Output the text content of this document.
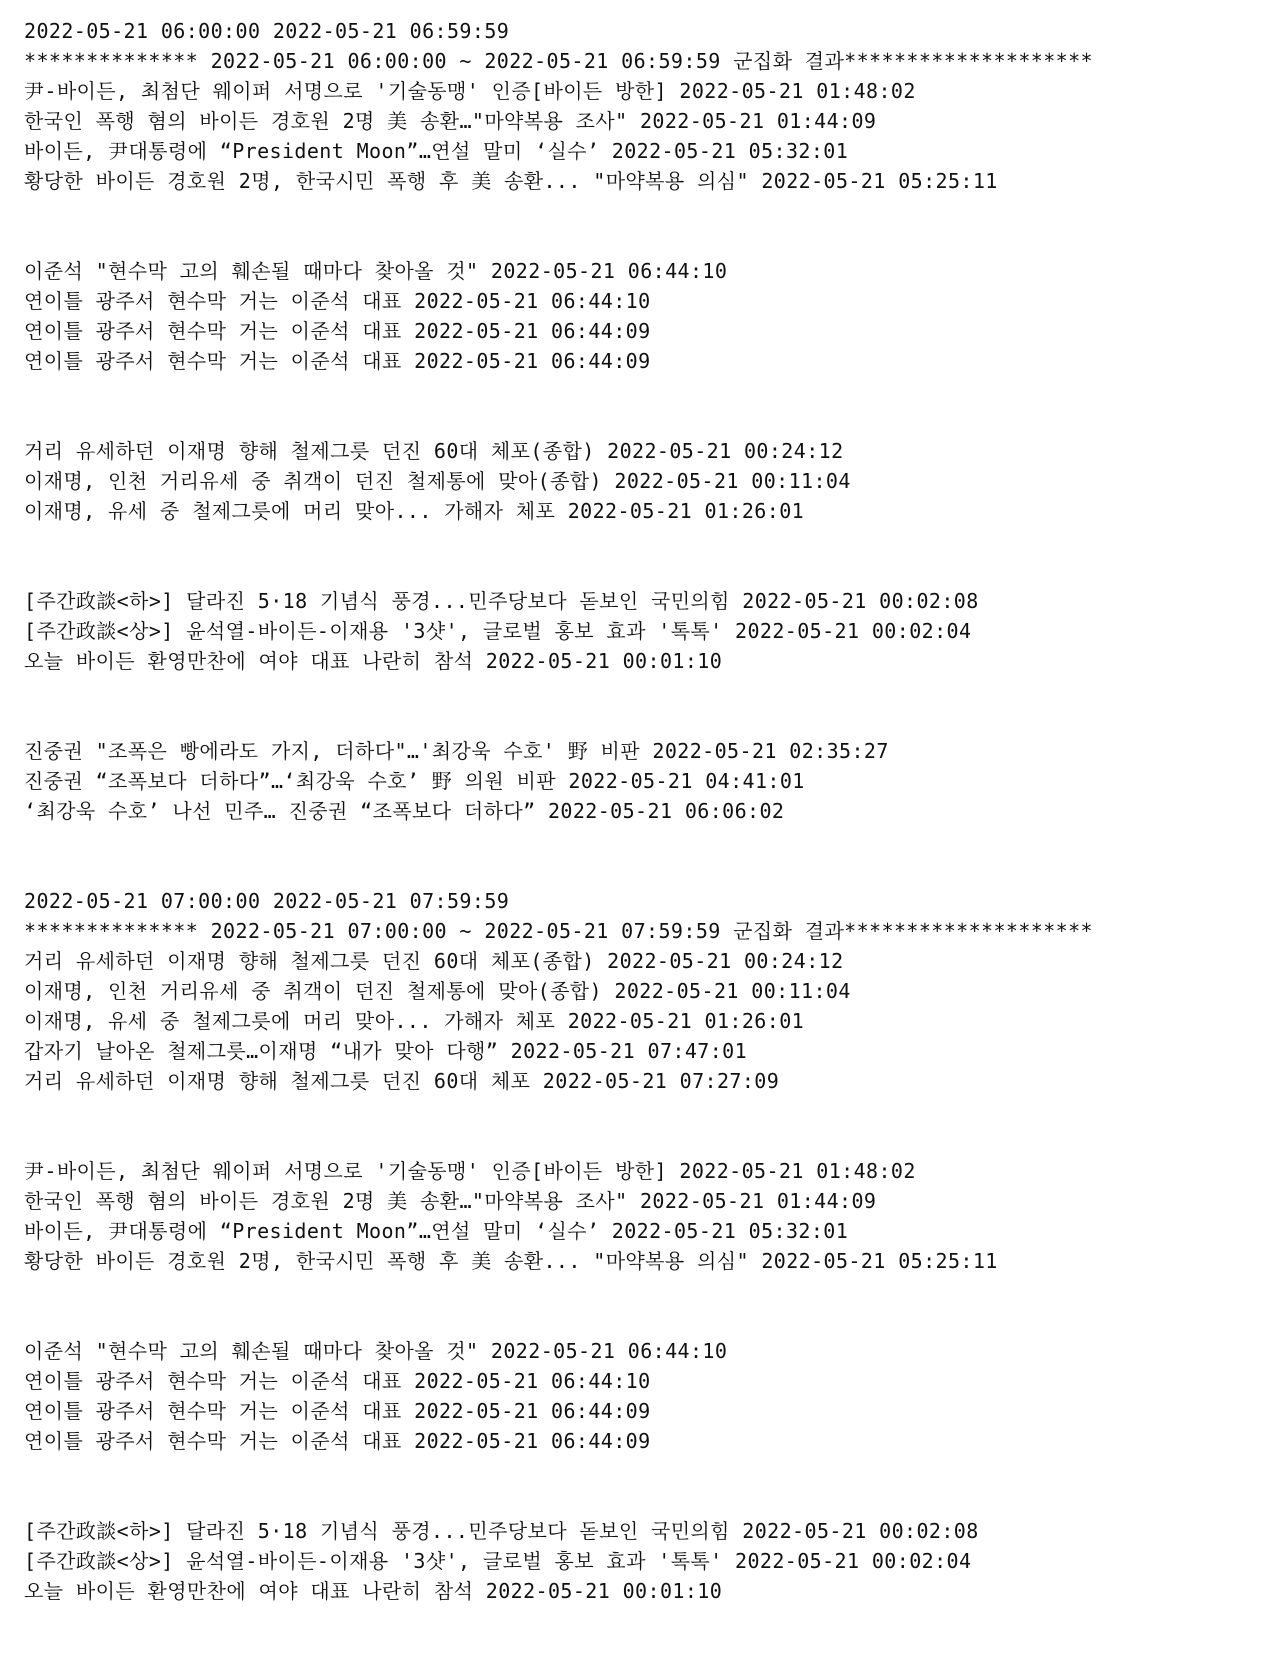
2022-05-21 06:00:00 2022-05-21 06:59:59
************** 2022-05-21 06:00:00 ~ 2022-05-21 06:59:59 군집화 결과********************
尹-바이든, 최첨단 웨이퍼 서명으로 '기술동맹' 인증[바이든 방한] 2022-05-21 01:48:02
한국인 폭행 혐의 바이든 경호원 2명 美 송환…"마약복용 조사" 2022-05-21 01:44:09
바이든, 尹대통령에 “President Moon”…연설 말미 ‘실수’ 2022-05-21 05:32:01
황당한 바이든 경호원 2명, 한국시민 폭행 후 美 송환... "마약복용 의심" 2022-05-21 05:25:11
이준석 "현수막 고의 훼손될 때마다 찾아올 것" 2022-05-21 06:44:10
연이틀 광주서 현수막 거는 이준석 대표 2022-05-21 06:44:10
연이틀 광주서 현수막 거는 이준석 대표 2022-05-21 06:44:09
연이틀 광주서 현수막 거는 이준석 대표 2022-05-21 06:44:09
거리 유세하던 이재명 향해 철제그릇 던진 60대 체포(종합) 2022-05-21 00:24:12
이재명, 인천 거리유세 중 취객이 던진 철제통에 맞아(종합) 2022-05-21 00:11:04
이재명, 유세 중 철제그릇에 머리 맞아... 가해자 체포 2022-05-21 01:26:01
[주간政談<하>] 달라진 5·18 기념식 풍경...민주당보다 돋보인 국민의힘 2022-05-21 00:02:08
[주간政談<상>] 윤석열-바이든-이재용 '3샷', 글로벌 홍보 효과 '톡톡' 2022-05-21 00:02:04
오늘 바이든 환영만찬에 여야 대표 나란히 참석 2022-05-21 00:01:10
진중권 "조폭은 빵에라도 가지, 더하다"…'최강욱 수호' 野 비판 2022-05-21 02:35:27
진중권 “조폭보다 더하다”…‘최강욱 수호’ 野 의원 비판 2022-05-21 04:41:01
‘최강욱 수호’ 나선 민주… 진중권 “조폭보다 더하다” 2022-05-21 06:06:02
2022-05-21 07:00:00 2022-05-21 07:59:59
************** 2022-05-21 07:00:00 ~ 2022-05-21 07:59:59 군집화 결과********************
거리 유세하던 이재명 향해 철제그릇 던진 60대 체포(종합) 2022-05-21 00:24:12
이재명, 인천 거리유세 중 취객이 던진 철제통에 맞아(종합) 2022-05-21 00:11:04
이재명, 유세 중 철제그릇에 머리 맞아... 가해자 체포 2022-05-21 01:26:01
갑자기 날아온 철제그릇…이재명 “내가 맞아 다행” 2022-05-21 07:47:01
거리 유세하던 이재명 향해 철제그릇 던진 60대 체포 2022-05-21 07:27:09
尹-바이든, 최첨단 웨이퍼 서명으로 '기술동맹' 인증[바이든 방한] 2022-05-21 01:48:02
한국인 폭행 혐의 바이든 경호원 2명 美 송환…"마약복용 조사" 2022-05-21 01:44:09
바이든, 尹대통령에 “President Moon”…연설 말미 ‘실수’ 2022-05-21 05:32:01
황당한 바이든 경호원 2명, 한국시민 폭행 후 美 송환... "마약복용 의심" 2022-05-21 05:25:11
이준석 "현수막 고의 훼손될 때마다 찾아올 것" 2022-05-21 06:44:10
연이틀 광주서 현수막 거는 이준석 대표 2022-05-21 06:44:10
연이틀 광주서 현수막 거는 이준석 대표 2022-05-21 06:44:09
연이틀 광주서 현수막 거는 이준석 대표 2022-05-21 06:44:09
[주간政談<하>] 달라진 5·18 기념식 풍경...민주당보다 돋보인 국민의힘 2022-05-21 00:02:08
[주간政談<상>] 윤석열-바이든-이재용 '3샷', 글로벌 홍보 효과 '톡톡' 2022-05-21 00:02:04
오늘 바이든 환영만찬에 여야 대표 나란히 참석 2022-05-21 00:01:10
